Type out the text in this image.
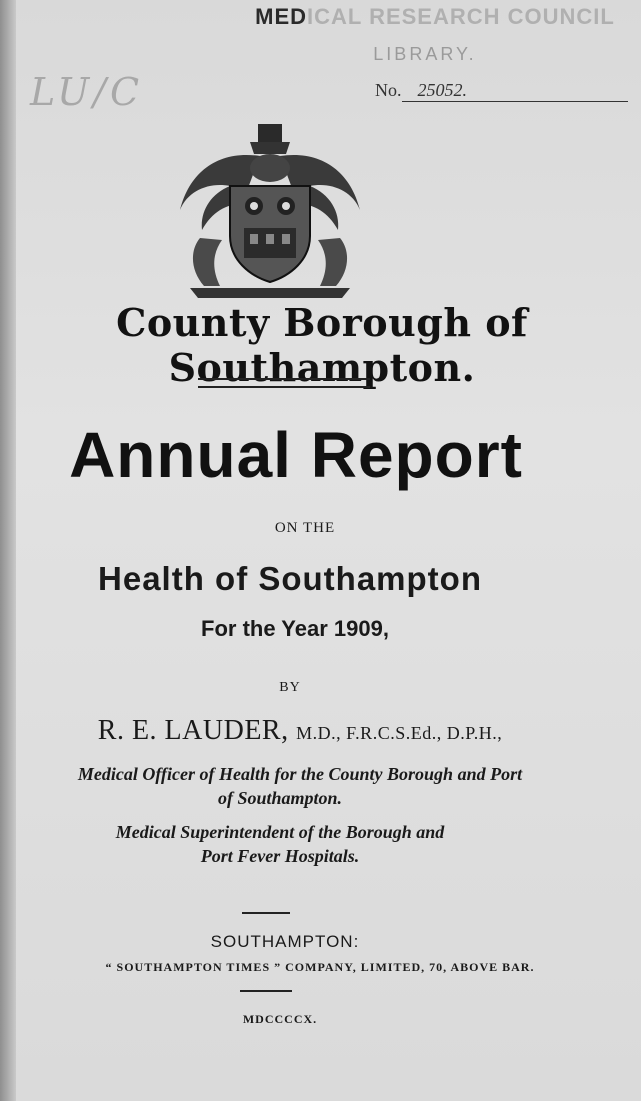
MEDICAL RESEARCH COUNCIL
LIBRARY.
No. 25052.
LU/C
County Borough of Southampton.
Annual Report
ON THE
Health of Southampton
For the Year 1909,
BY
R. E. LAUDER, M.D., F.R.C.S.Ed., D.P.H.,
Medical Officer of Health for the County Borough and Port
of Southampton.
Medical Superintendent of the Borough and
Port Fever Hospitals.
SOUTHAMPTON:
“ SOUTHAMPTON TIMES ” COMPANY, LIMITED, 70, ABOVE BAR.
MDCCCCX.
